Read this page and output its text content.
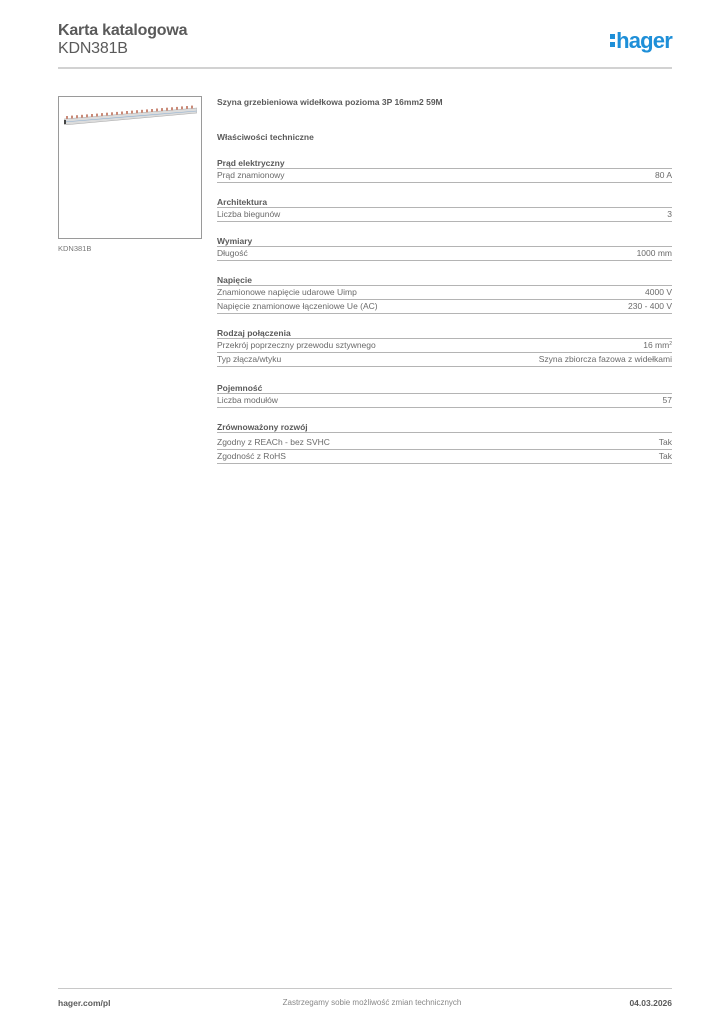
Karta katalogowa
KDN381B	hager
KDN381B
Szyna grzebieniowa widełkowa pozioma 3P 16mm2 59M
Właściwości techniczne
Prąd elektryczny
Prąd znamionowy	80 A
Architektura
Liczba biegunów	3
Wymiary
Długość	1000 mm
Napięcie
Znamionowe napięcie udarowe Uimp	4000 V
Napięcie znamionowe łączeniowe Ue (AC)	230 - 400 V
Rodzaj połączenia
Przekrój poprzeczny przewodu sztywnego	16 $mm^2$
Typ złącza/wtyku	Szyna zbiorcza fazowa z widełkami
Pojemność
Liczba modułów	57
Zrównoważony rozwój
Zgodny z REACh - bez SVHC	Tak
Zgodność z RoHS	Tak
hager.com/pl	Zastrzegamy sobie możliwość zmian technicznych	04.03.2026
